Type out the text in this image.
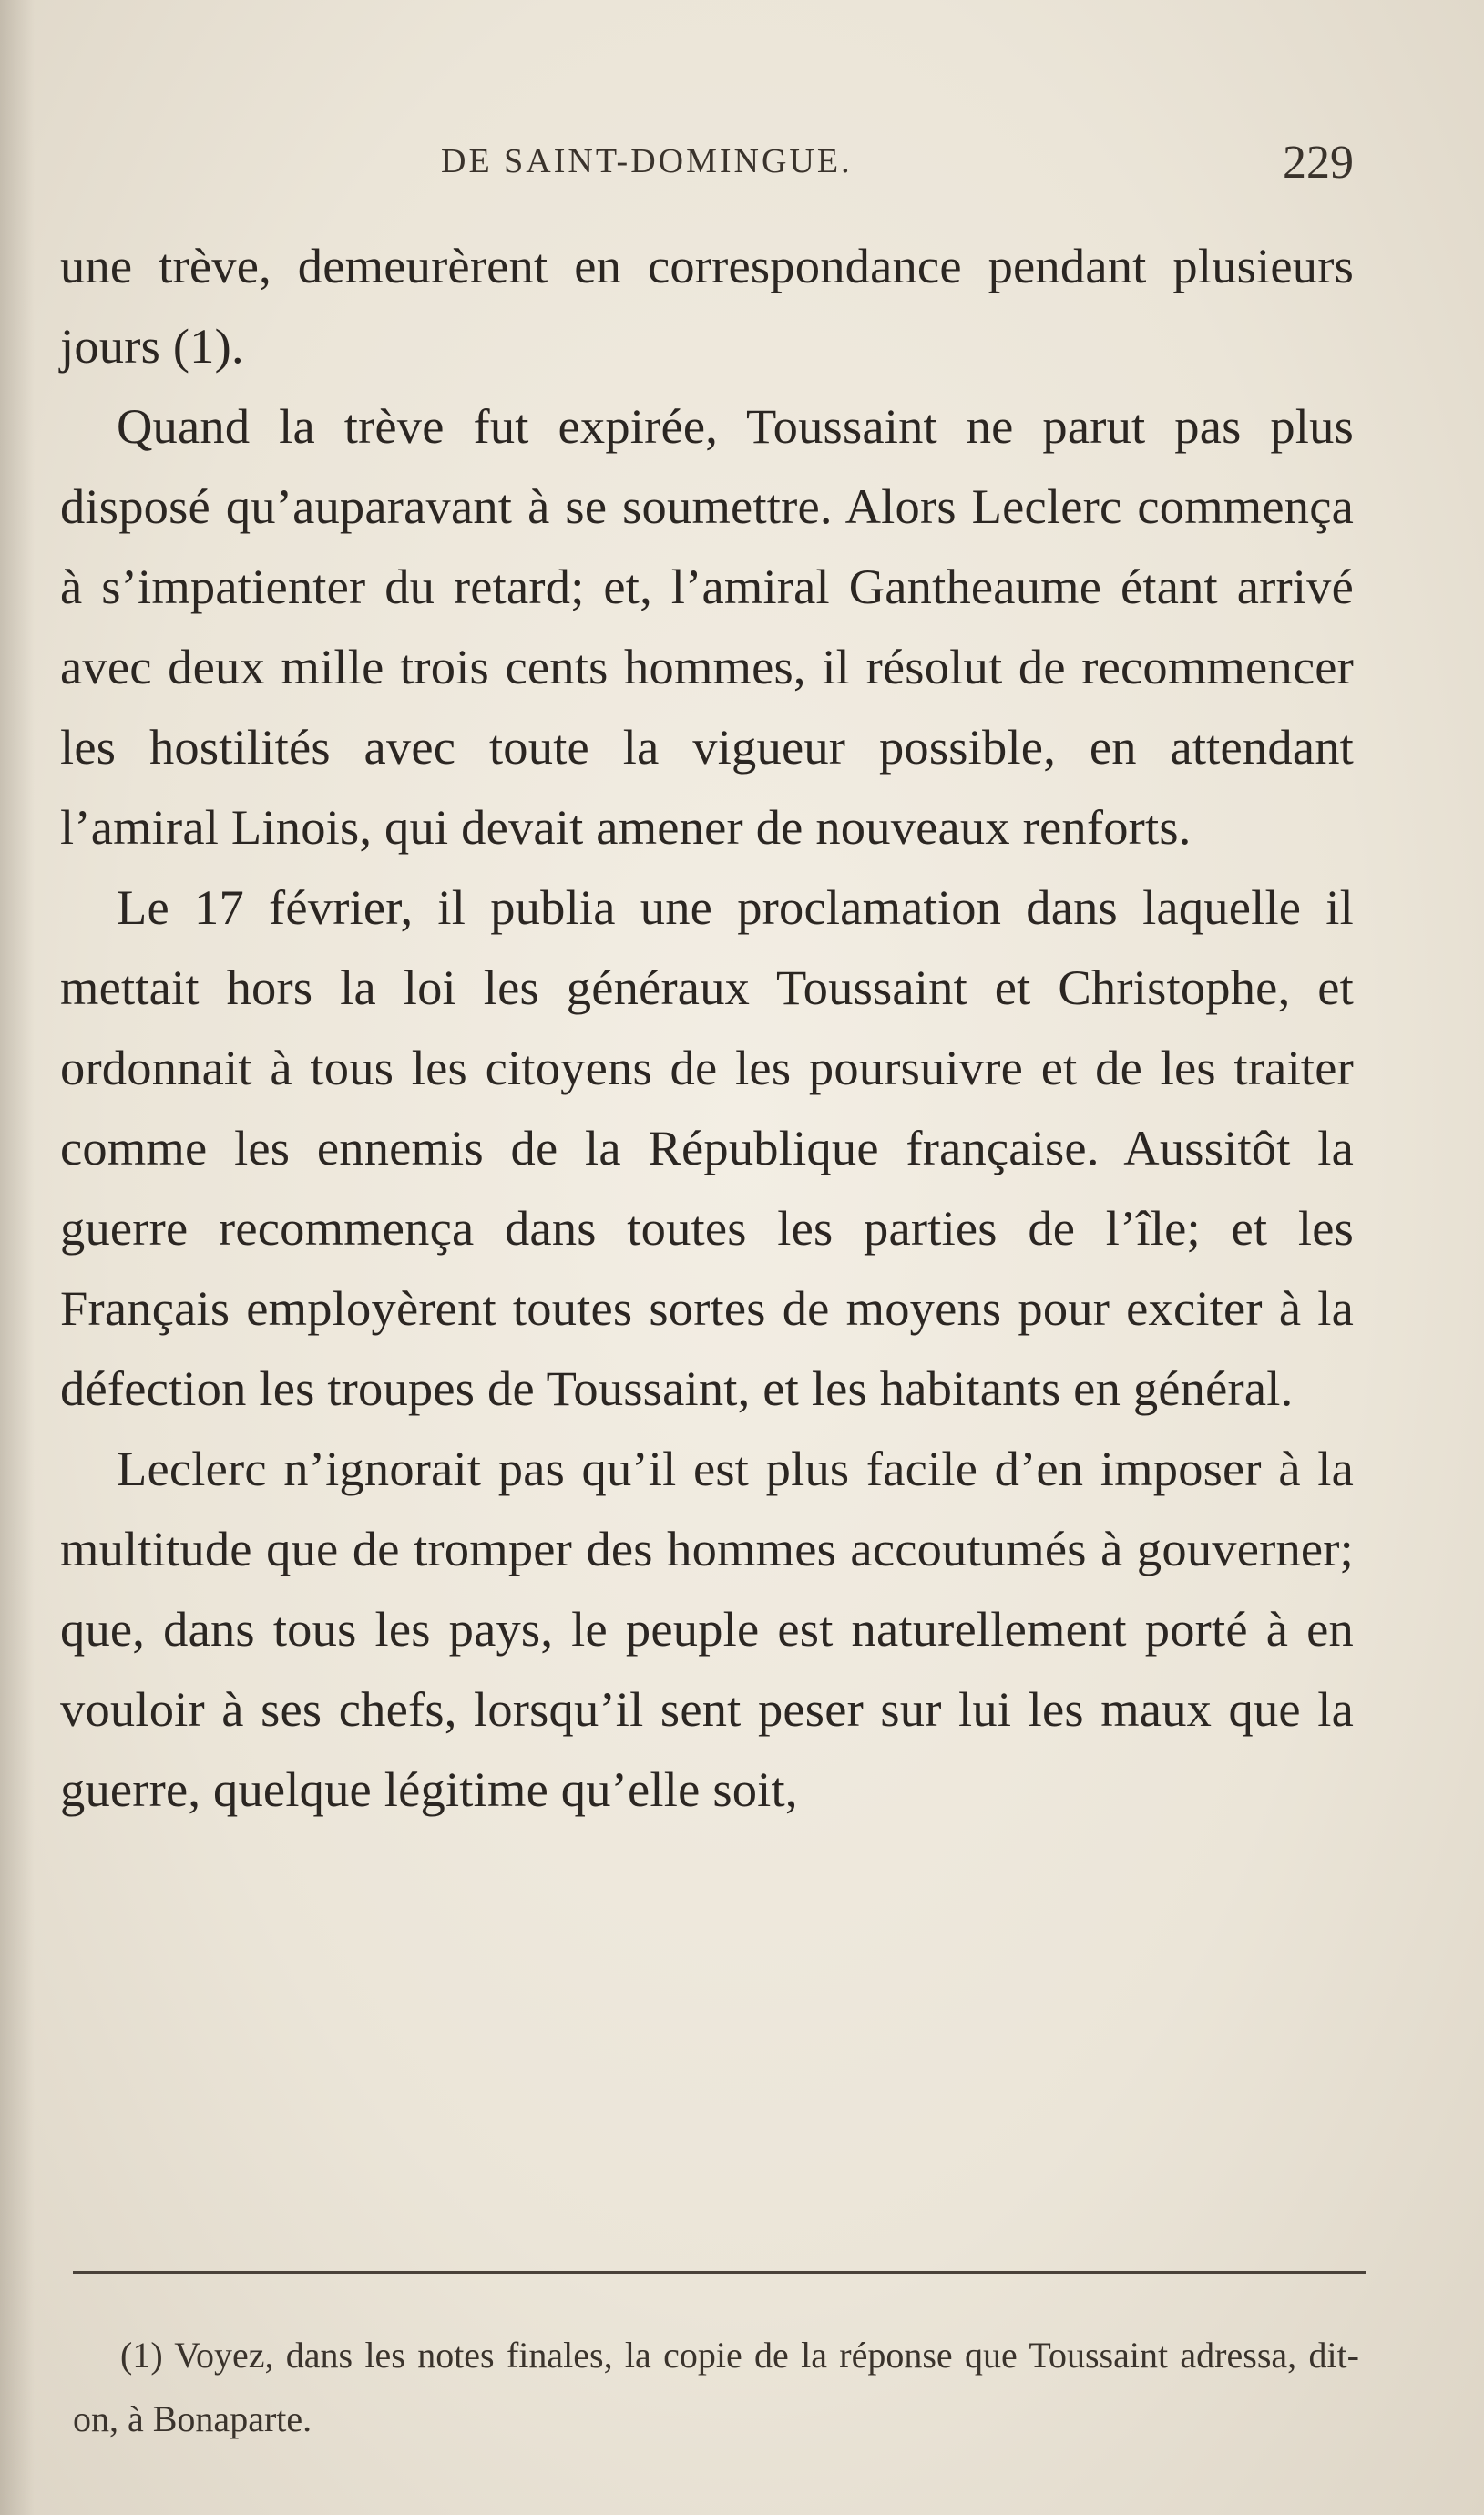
DE SAINT-DOMINGUE.	229

une trève, demeurèrent en correspondance pendant plusieurs jours (1).

Quand la trève fut expirée, Toussaint ne parut pas plus disposé qu’auparavant à se soumettre. Alors Leclerc commença à s’impatienter du retard; et, l’amiral Gantheaume étant arrivé avec deux mille trois cents hommes, il résolut de recommencer les hostilités avec toute la vigueur possible, en attendant l’amiral Linois, qui devait amener de nouveaux renforts.

Le 17 février, il publia une proclamation dans laquelle il mettait hors la loi les généraux Toussaint et Christophe, et ordonnait à tous les citoyens de les poursuivre et de les traiter comme les ennemis de la République française. Aussitôt la guerre recommença dans toutes les parties de l’île; et les Français employèrent toutes sortes de moyens pour exciter à la défection les troupes de Toussaint, et les habitants en général.

Leclerc n’ignorait pas qu’il est plus facile d’en imposer à la multitude que de tromper des hommes accoutumés à gouverner; que, dans tous les pays, le peuple est naturellement porté à en vouloir à ses chefs, lorsqu’il sent peser sur lui les maux que la guerre, quelque légitime qu’elle soit,

(1) Voyez, dans les notes finales, la copie de la réponse que Toussaint adressa, dit-on, à Bonaparte.
